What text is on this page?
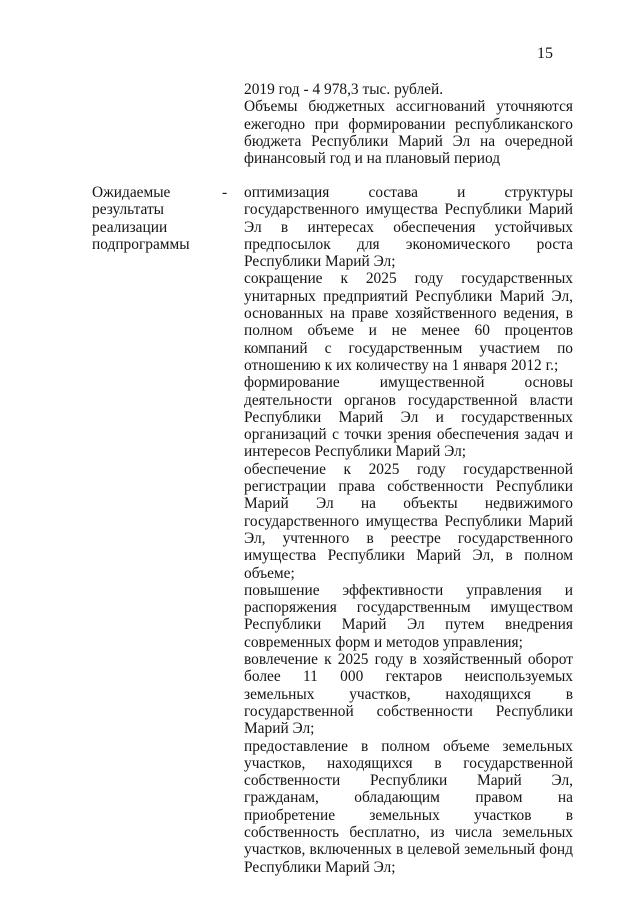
15
2019 год - 4 978,3 тыс. рублей.
Объемы бюджетных ассигнований уточняются ежегодно при формировании республиканского бюджета Республики Марий Эл на очередной финансовый год и на плановый период
Ожидаемые
результаты
реализации
подпрограммы
- оптимизация состава и структуры государственного имущества Республики Марий Эл в интересах обеспечения устойчивых предпосылок для экономического роста Республики Марий Эл;

сокращение к 2025 году государственных унитарных предприятий Республики Марий Эл, основанных на праве хозяйственного ведения, в полном объеме и не менее 60 процентов компаний с государственным участием по отношению к их количеству на 1 января 2012 г.;

формирование имущественной основы деятельности органов государственной власти Республики Марий Эл и государственных организаций с точки зрения обеспечения задач и интересов Республики Марий Эл;

обеспечение к 2025 году государственной регистрации права собственности Республики Марий Эл на объекты недвижимого государственного имущества Республики Марий Эл, учтенного в реестре государственного имущества Республики Марий Эл, в полном объеме;

повышение эффективности управления и распоряжения государственным имуществом Республики Марий Эл путем внедрения современных форм и методов управления;

вовлечение к 2025 году в хозяйственный оборот более 11 000 гектаров неиспользуемых земельных участков, находящихся в государственной собственности Республики Марий Эл;

предоставление в полном объеме земельных участков, находящихся в государственной собственности Республики Марий Эл, гражданам, обладающим правом на приобретение земельных участков в собственность бесплатно, из числа земельных участков, включенных в целевой земельный фонд Республики Марий Эл;
